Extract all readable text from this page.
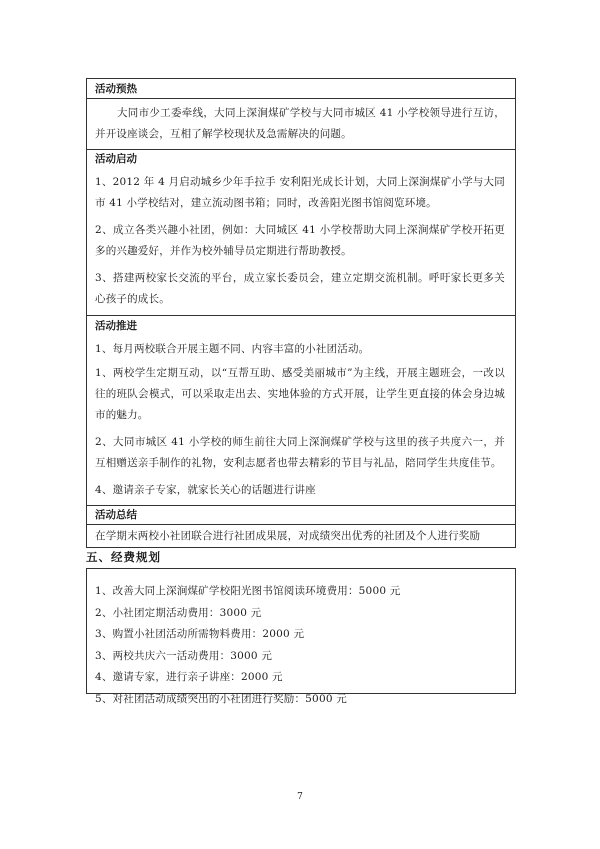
活动预热
大同市少工委牵线，大同上深涧煤矿学校与大同市城区 41 小学校领导进行互访，并开设座谈会，互相了解学校现状及急需解决的问题。
活动启动
1、2012 年 4 月启动城乡少年手拉手 安利阳光成长计划，大同上深涧煤矿小学与大同市 41 小学校结对，建立流动图书箱；同时，改善阳光图书馆阅览环境。
2、成立各类兴趣小社团，例如：大同城区 41 小学校帮助大同上深涧煤矿学校开拓更多的兴趣爱好，并作为校外辅导员定期进行帮助教授。
3、搭建两校家长交流的平台，成立家长委员会，建立定期交流机制。呼吁家长更多关心孩子的成长。
活动推进
1、每月两校联合开展主题不同、内容丰富的小社团活动。
1、两校学生定期互动，以“互帮互助、感受美丽城市”为主线，开展主题班会，一改以往的班队会模式，可以采取走出去、实地体验的方式开展，让学生更直接的体会身边城市的魅力。
2、大同市城区 41 小学校的师生前往大同上深涧煤矿学校与这里的孩子共度六一，并互相赠送亲手制作的礼物，安利志愿者也带去精彩的节目与礼品，陪同学生共度佳节。
4、邀请亲子专家，就家长关心的话题进行讲座
活动总结
在学期末两校小社团联合进行社团成果展，对成绩突出优秀的社团及个人进行奖励
五、经费规划
1、改善大同上深涧煤矿学校阳光图书馆阅读环境费用：5000 元
2、小社团定期活动费用：3000 元
3、购置小社团活动所需物料费用：2000 元
3、两校共庆六一活动费用：3000 元
4、邀请专家，进行亲子讲座：2000 元
5、对社团活动成绩突出的小社团进行奖励：5000 元
7
